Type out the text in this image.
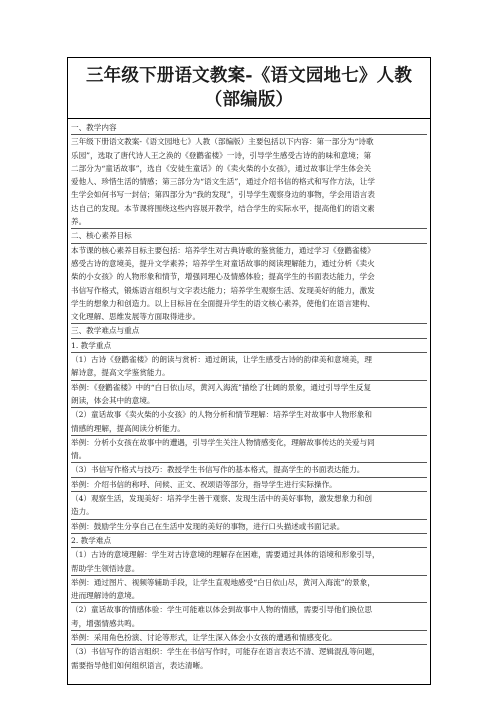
三年级下册语文教案-《语文园地七》人教
（部编版）
一、教学内容
三年级下册语文教案-《语文园地七》人教（部编版）主要包括以下内容：第一部分为“诗歌
乐园”，选取了唐代诗人王之涣的《登鹳雀楼》一诗，引导学生感受古诗的韵味和意境；第
二部分为“童话故事”，选自《安徒生童话》的《卖火柴的小女孩》，通过故事让学生体会关
爱他人、珍惜生活的情感；第三部分为“语文生活”，通过介绍书信的格式和写作方法，让学
生学会如何书写一封信；第四部分为“我的发现”，引导学生观察身边的事物，学会用语言表
达自己的发现。本节课将围绕这些内容展开教学，结合学生的实际水平，提高他们的语文素
养。
二、核心素养目标
本节课的核心素养目标主要包括：培养学生对古典诗歌的鉴赏能力，通过学习《登鹳雀楼》
感受古诗的意境美，提升文学素养；培养学生对童话故事的阅读理解能力，通过分析《卖火
柴的小女孩》的人物形象和情节，增强同理心及情感体验；提高学生的书面表达能力，学会
书信写作格式，锻炼语言组织与文字表达能力；培养学生观察生活、发现美好的能力，激发
学生的想象力和创造力。以上目标旨在全面提升学生的语文核心素养，使他们在语言建构、
文化理解、思维发展等方面取得进步。
三、教学难点与重点
1. 教学重点
（1）古诗《登鹳雀楼》的朗读与赏析：通过朗读，让学生感受古诗的韵律美和意境美，理
解诗意，提高文学鉴赏能力。
举例：《登鹳雀楼》中的“白日依山尽，黄河入海流”描绘了壮阔的景象，通过引导学生反复
朗读，体会其中的意境。
（2）童话故事《卖火柴的小女孩》的人物分析和情节理解：培养学生对故事中人物形象和
情感的理解，提高阅读分析能力。
举例：分析小女孩在故事中的遭遇，引导学生关注人物情感变化，理解故事传达的关爱与同
情。
（3）书信写作格式与技巧：教授学生书信写作的基本格式，提高学生的书面表达能力。
举例：介绍书信的称呼、问候、正文、祝颂语等部分，指导学生进行实际操作。
（4）观察生活，发现美好：培养学生善于观察、发现生活中的美好事物，激发想象力和创
造力。
举例：鼓励学生分享自己在生活中发现的美好的事物，进行口头描述或书面记录。
2. 教学难点
（1）古诗的意境理解：学生对古诗意境的理解存在困难，需要通过具体的语境和形象引导，
帮助学生领悟诗意。
举例：通过图片、视频等辅助手段，让学生直观地感受“白日依山尽，黄河入海流”的景象，
进而理解诗的意境。
（2）童话故事的情感体验：学生可能难以体会到故事中人物的情感，需要引导他们换位思
考，增强情感共鸣。
举例：采用角色扮演、讨论等形式，让学生深入体会小女孩的遭遇和情感变化。
（3）书信写作的语言组织：学生在书信写作时，可能存在语言表达不清、逻辑混乱等问题，
需要指导他们如何组织语言，表达清晰。
